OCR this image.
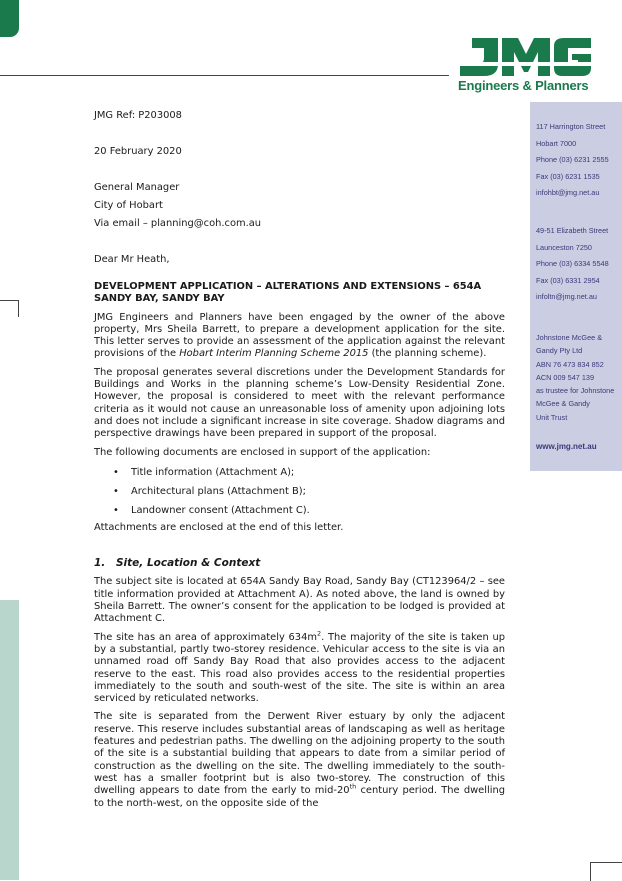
Engineers & Planners
117 Harrington Street
Hobart 7000
Phone (03) 6231 2555
Fax (03) 6231 1535
infohbt@jmg.net.au
49-51 Elizabeth Street
Launceston 7250
Phone (03) 6334 5548
Fax (03) 6331 2954
infoltn@jmg.net.au
Johnstone McGee &
Gandy Pty Ltd
ABN 76 473 834 852
ACN 009 547 139
as trustee for Johnstone
McGee & Gandy
Unit Trust
www.jmg.net.au

JMG Ref: P203008

20 February 2020

General Manager

City of Hobart

Via email – planning@coh.com.au

Dear Mr Heath,

DEVELOPMENT APPLICATION – ALTERATIONS AND EXTENSIONS – 654A SANDY BAY, SANDY BAY

JMG Engineers and Planners have been engaged by the owner of the above property, Mrs Sheila Barrett, to prepare a development application for the site. This letter serves to provide an assessment of the application against the relevant provisions of the Hobart Interim Planning Scheme 2015 (the planning scheme).

The proposal generates several discretions under the Development Standards for Buildings and Works in the planning scheme’s Low-Density Residential Zone. However, the proposal is considered to meet with the relevant performance criteria as it would not cause an unreasonable loss of amenity upon adjoining lots and does not include a significant increase in site coverage. Shadow diagrams and perspective drawings have been prepared in support of the proposal.

The following documents are enclosed in support of the application:

• Title information (Attachment A);
• Architectural plans (Attachment B);
• Landowner consent (Attachment C).

Attachments are enclosed at the end of this letter.

1. Site, Location & Context

The subject site is located at 654A Sandy Bay Road, Sandy Bay (CT123964/2 – see title information provided at Attachment A). As noted above, the land is owned by Sheila Barrett. The owner’s consent for the application to be lodged is provided at Attachment C.

The site has an area of approximately $634m^2$. The majority of the site is taken up by a substantial, partly two-storey residence. Vehicular access to the site is via an unnamed road off Sandy Bay Road that also provides access to the adjacent reserve to the east. This road also provides access to the residential properties immediately to the south and south-west of the site. The site is within an area serviced by reticulated networks.

The site is separated from the Derwent River estuary by only the adjacent reserve. This reserve includes substantial areas of landscaping as well as heritage features and pedestrian paths. The dwelling on the adjoining property to the south of the site is a substantial building that appears to date from a similar period of construction as the dwelling on the site. The dwelling immediately to the south-west has a smaller footprint but is also two-storey. The construction of this dwelling appears to date from the early to mid-20th century period. The dwelling to the north-west, on the opposite side of the
